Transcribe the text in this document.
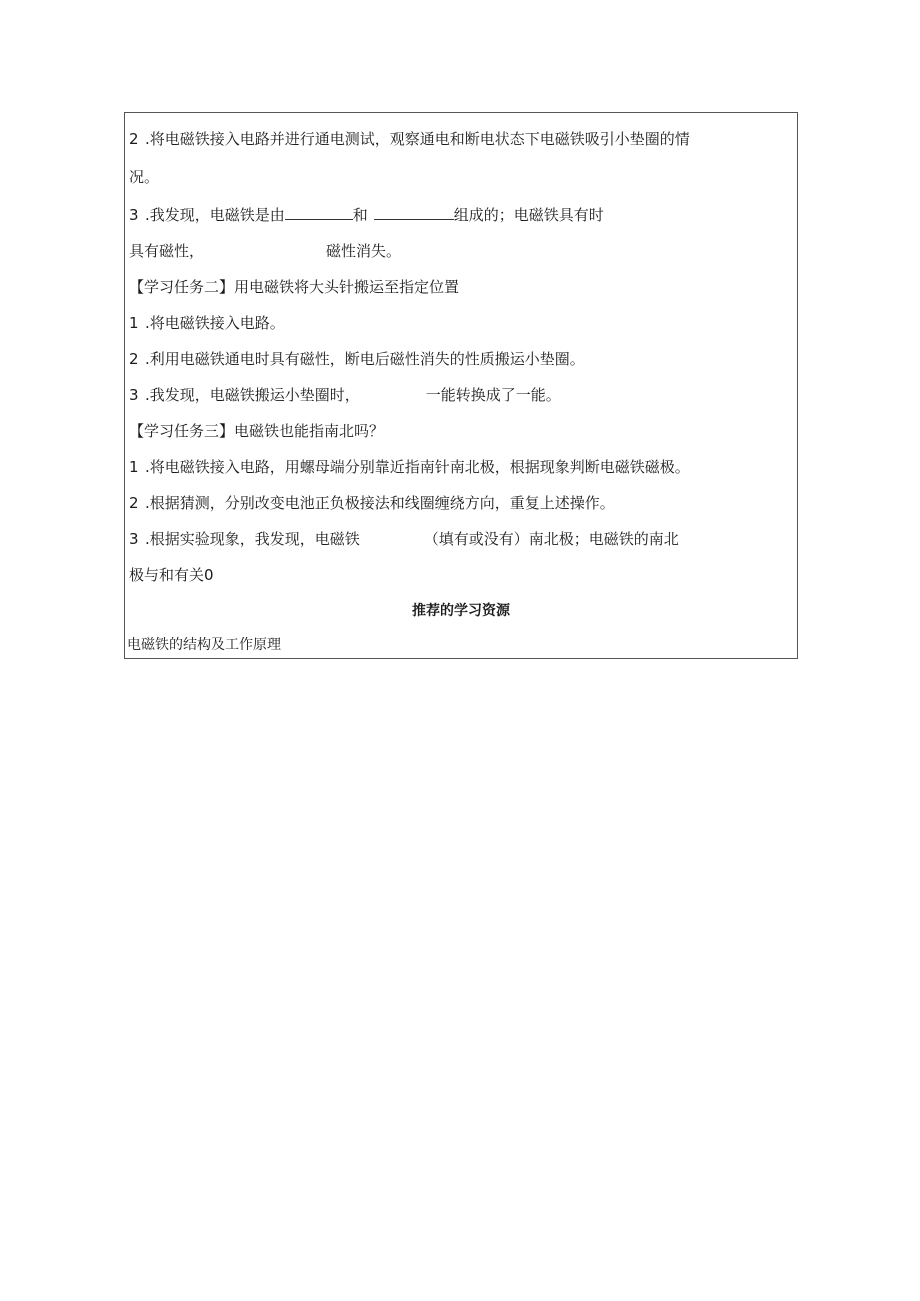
2 .将电磁铁接入电路并进行通电测试，观察通电和断电状态下电磁铁吸引小垫圈的情
况。
3 .我发现，电磁铁是由	和	组成的；电磁铁具有时
具有磁性，	磁性消失。
【学习任务二】用电磁铁将大头针搬运至指定位置
1 .将电磁铁接入电路。
2 .利用电磁铁通电时具有磁性，断电后磁性消失的性质搬运小垫圈。
3 .我发现，电磁铁搬运小垫圈时，	一能转换成了一能。
【学习任务三】电磁铁也能指南北吗？
1 .将电磁铁接入电路，用螺母端分别靠近指南针南北极，根据现象判断电磁铁磁极。
2 .根据猜测，分别改变电池正负极接法和线圈缠绕方向，重复上述操作。
3 .根据实验现象，我发现，电磁铁	（填有或没有）南北极；电磁铁的南北
极与和有关0
推荐的学习资源
电磁铁的结构及工作原理
